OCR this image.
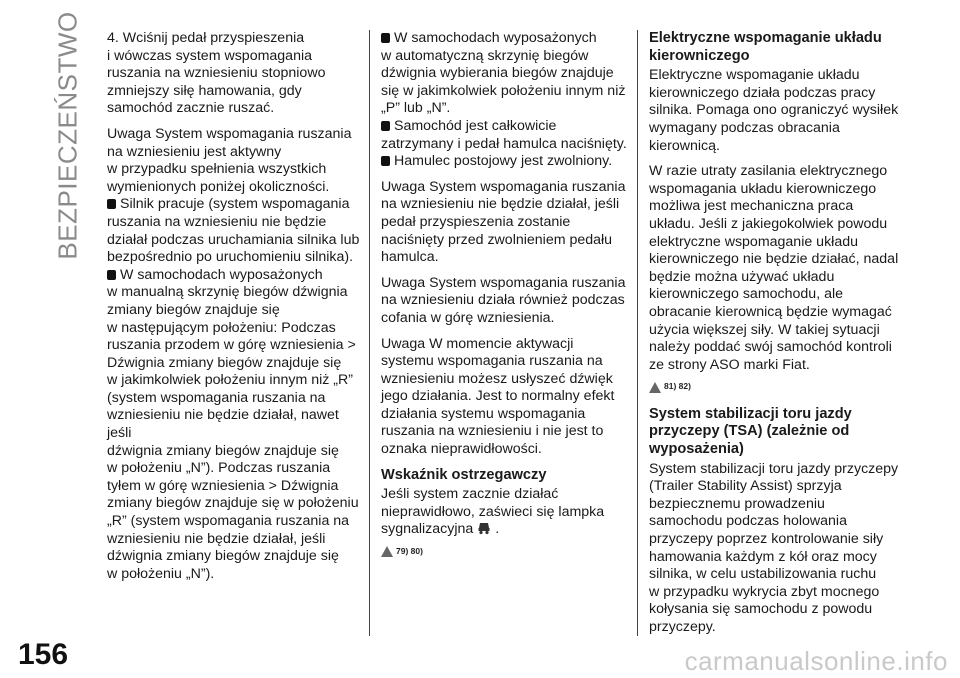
BEZPIECZEŃSTWO
156

4. Wciśnij pedał przyspieszenia
i wówczas system wspomagania
ruszania na wzniesieniu stopniowo
zmniejszy siłę hamowania, gdy
samochód zacznie ruszać.

Uwaga System wspomagania ruszania
na wzniesieniu jest aktywny
w przypadku spełnienia wszystkich
wymienionych poniżej okoliczności.

Silnik pracuje (system wspomagania
ruszania na wzniesieniu nie będzie
działał podczas uruchamiania silnika lub
bezpośrednio po uruchomieniu silnika).

W samochodach wyposażonych
w manualną skrzynię biegów dźwignia
zmiany biegów znajduje się
w następującym położeniu: Podczas
ruszania przodem w górę wzniesienia >
Dźwignia zmiany biegów znajduje się
w jakimkolwiek położeniu innym niż „R”
(system wspomagania ruszania na
wzniesieniu nie będzie działał, nawet jeśli
dźwignia zmiany biegów znajduje się
w położeniu „N”). Podczas ruszania
tyłem w górę wzniesienia > Dźwignia
zmiany biegów znajduje się w położeniu
„R” (system wspomagania ruszania na
wzniesieniu nie będzie działał, jeśli
dźwignia zmiany biegów znajduje się
w położeniu „N”).

W samochodach wyposażonych
w automatyczną skrzynię biegów
dźwignia wybierania biegów znajduje
się w jakimkolwiek położeniu innym niż
„P” lub „N”.

Samochód jest całkowicie
zatrzymany i pedał hamulca naciśnięty.

Hamulec postojowy jest zwolniony.

Uwaga System wspomagania ruszania
na wzniesieniu nie będzie działał, jeśli
pedał przyspieszenia zostanie
naciśnięty przed zwolnieniem pedału
hamulca.

Uwaga System wspomagania ruszania
na wzniesieniu działa również podczas
cofania w górę wzniesienia.

Uwaga W momencie aktywacji
systemu wspomagania ruszania na
wzniesieniu możesz usłyszeć dźwięk
jego działania. Jest to normalny efekt
działania systemu wspomagania
ruszania na wzniesieniu i nie jest to
oznaka nieprawidłowości.

Wskaźnik ostrzegawczy

Jeśli system zacznie działać
nieprawidłowo, zaświeci się lampka
sygnalizacyjna .

79) 80)
Elektryczne wspomaganie układu
kierowniczego

Elektryczne wspomaganie układu
kierowniczego działa podczas pracy
silnika. Pomaga ono ograniczyć wysiłek
wymagany podczas obracania
kierownicą.

W razie utraty zasilania elektrycznego
wspomagania układu kierowniczego
możliwa jest mechaniczna praca
układu. Jeśli z jakiegokolwiek powodu
elektryczne wspomaganie układu
kierowniczego nie będzie działać, nadal
będzie można używać układu
kierowniczego samochodu, ale
obracanie kierownicą będzie wymagać
użycia większej siły. W takiej sytuacji
należy poddać swój samochód kontroli
ze strony ASO marki Fiat.

81) 82)
System stabilizacji toru jazdy
przyczepy (TSA) (zależnie od
wyposażenia)

System stabilizacji toru jazdy przyczepy
(Trailer Stability Assist) sprzyja
bezpiecznemu prowadzeniu
samochodu podczas holowania
przyczepy poprzez kontrolowanie siły
hamowania każdym z kół oraz mocy
silnika, w celu ustabilizowania ruchu
w przypadku wykrycia zbyt mocnego
kołysania się samochodu z powodu
przyczepy.

carmanualsonline.info
